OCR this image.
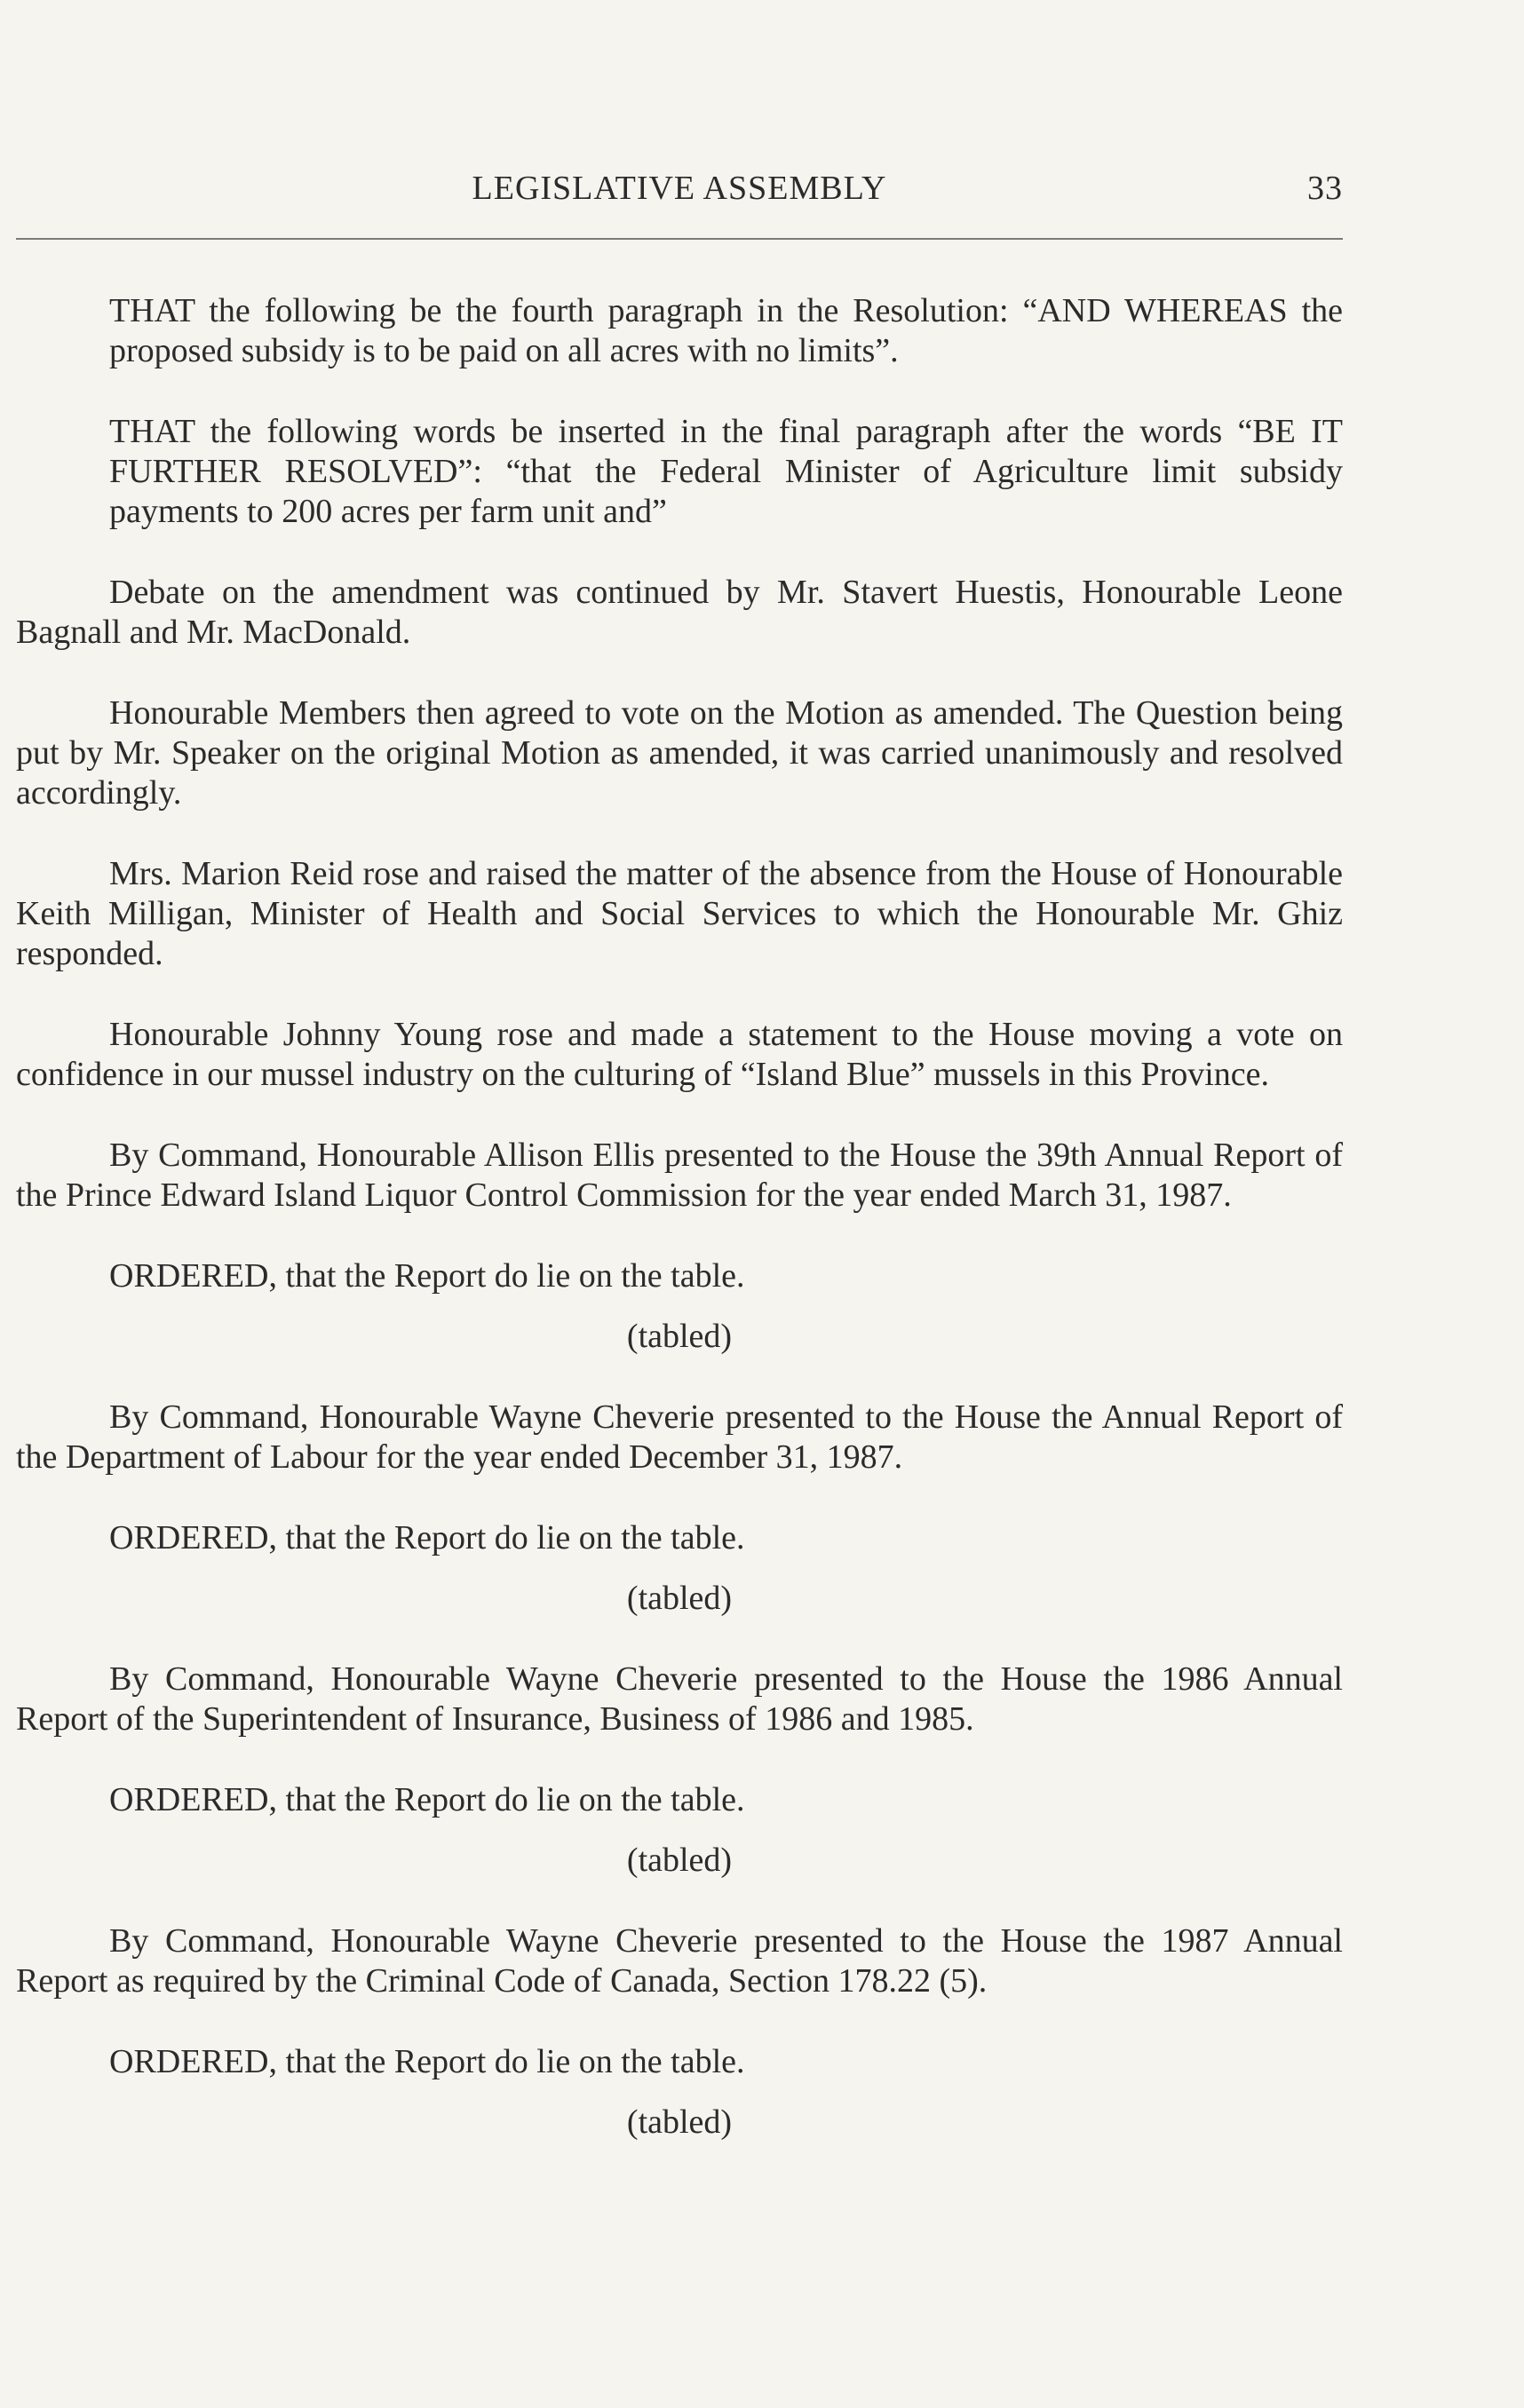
LEGISLATIVE ASSEMBLY	33

THAT the following be the fourth paragraph in the Resolution: “AND WHEREAS the proposed subsidy is to be paid on all acres with no limits”.

THAT the following words be inserted in the final paragraph after the words “BE IT FURTHER RESOLVED”: “that the Federal Minister of Agriculture limit subsidy payments to 200 acres per farm unit and”

Debate on the amendment was continued by Mr. Stavert Huestis, Honourable Leone Bagnall and Mr. MacDonald.

Honourable Members then agreed to vote on the Motion as amended. The Question being put by Mr. Speaker on the original Motion as amended, it was carried unanimously and resolved accordingly.

Mrs. Marion Reid rose and raised the matter of the absence from the House of Honourable Keith Milligan, Minister of Health and Social Services to which the Honourable Mr. Ghiz responded.

Honourable Johnny Young rose and made a statement to the House moving a vote on confidence in our mussel industry on the culturing of “Island Blue” mussels in this Province.

By Command, Honourable Allison Ellis presented to the House the 39th Annual Report of the Prince Edward Island Liquor Control Commission for the year ended March 31, 1987.

ORDERED, that the Report do lie on the table.

(tabled)

By Command, Honourable Wayne Cheverie presented to the House the Annual Report of the Department of Labour for the year ended December 31, 1987.

ORDERED, that the Report do lie on the table.

(tabled)

By Command, Honourable Wayne Cheverie presented to the House the 1986 Annual Report of the Superintendent of Insurance, Business of 1986 and 1985.

ORDERED, that the Report do lie on the table.

(tabled)

By Command, Honourable Wayne Cheverie presented to the House the 1987 Annual Report as required by the Criminal Code of Canada, Section 178.22 (5).

ORDERED, that the Report do lie on the table.

(tabled)
